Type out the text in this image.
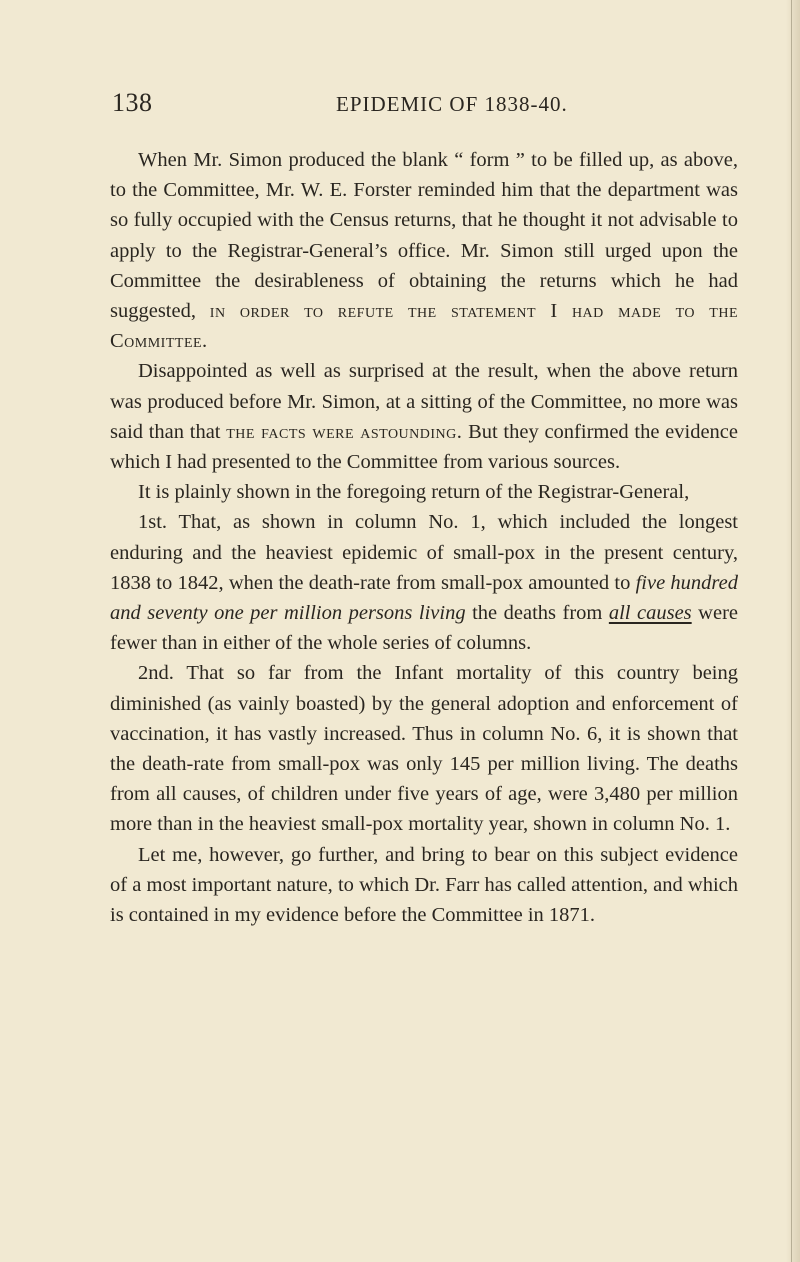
138	EPIDEMIC OF 1838-40.

When Mr. Simon produced the blank “ form ” to be filled up, as above, to the Committee, Mr. W. E. Forster reminded him that the department was so fully occupied with the Census returns, that he thought it not advisable to apply to the Registrar-General’s office. Mr. Simon still urged upon the Committee the desirableness of obtaining the returns which he had suggested, in order to refute the statement I had made to the Committee.

Disappointed as well as surprised at the result, when the above return was produced before Mr. Simon, at a sitting of the Committee, no more was said than that the facts were astounding. But they confirmed the evidence which I had presented to the Committee from various sources.

It is plainly shown in the foregoing return of the Registrar-General,

1st. That, as shown in column No. 1, which included the longest enduring and the heaviest epidemic of small-pox in the present century, 1838 to 1842, when the death-rate from small-pox amounted to five hundred and seventy one per million persons living the deaths from all causes were fewer than in either of the whole series of columns.

2nd. That so far from the Infant mortality of this country being diminished (as vainly boasted) by the general adoption and enforcement of vaccination, it has vastly increased. Thus in column No. 6, it is shown that the death-rate from small-pox was only 145 per million living. The deaths from all causes, of children under five years of age, were 3,480 per million more than in the heaviest small-pox mortality year, shown in column No. 1.

Let me, however, go further, and bring to bear on this subject evidence of a most important nature, to which Dr. Farr has called attention, and which is contained in my evidence before the Committee in 1871.
